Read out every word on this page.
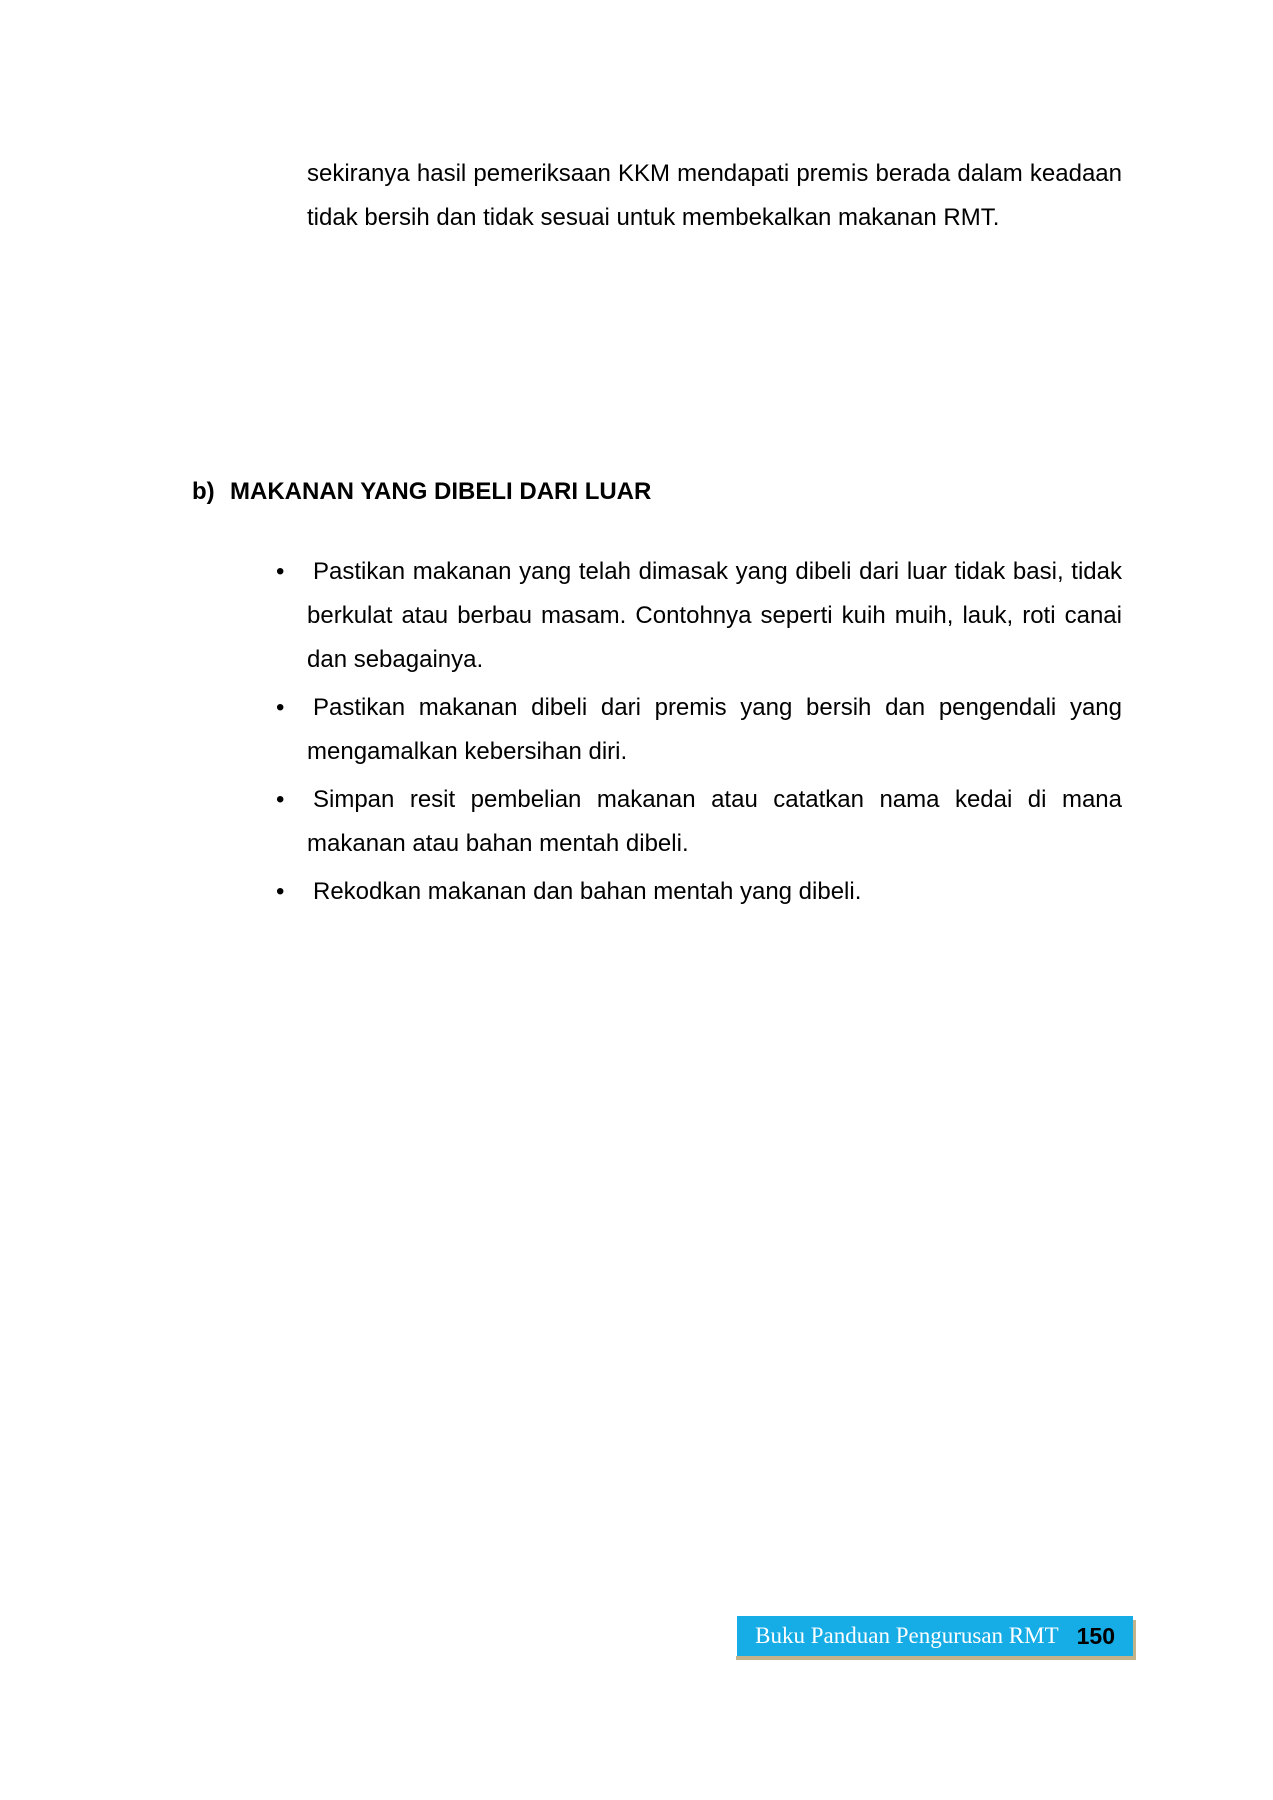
sekiranya hasil pemeriksaan KKM mendapati premis berada dalam keadaan tidak bersih dan tidak sesuai untuk membekalkan makanan RMT.

b) MAKANAN YANG DIBELI DARI LUAR
• Pastikan makanan yang telah dimasak yang dibeli dari luar tidak basi, tidak berkulat atau berbau masam. Contohnya seperti kuih muih, lauk, roti canai dan sebagainya.
• Pastikan makanan dibeli dari premis yang bersih dan pengendali yang mengamalkan kebersihan diri.
• Simpan resit pembelian makanan atau catatkan nama kedai di mana makanan atau bahan mentah dibeli.
• Rekodkan makanan dan bahan mentah yang dibeli.
Buku Panduan Pengurusan RMT 150
